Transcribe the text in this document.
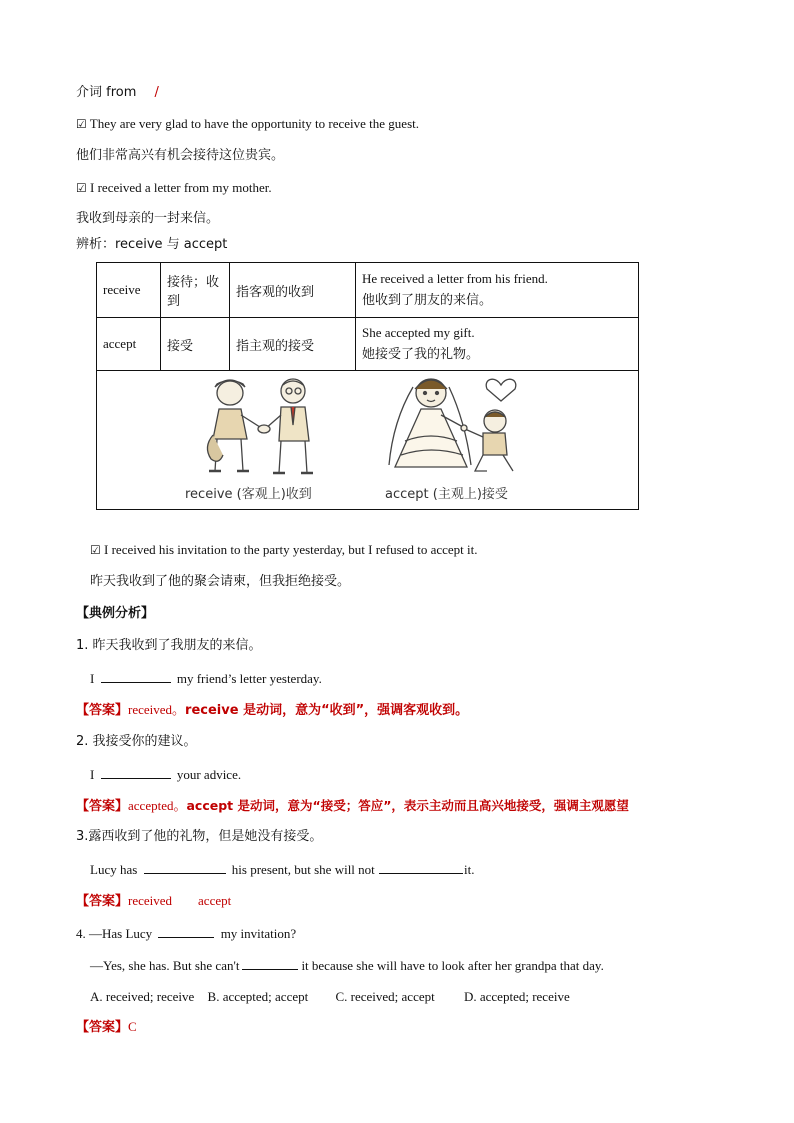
介词 from /
☑ They are very glad to have the opportunity to receive the guest.
他们非常高兴有机会接待这位贵宾。
☑ I received a letter from my mother.
我收到母亲的一封来信。
辨析：receive 与 accept
receive	接待；收到	指客观的收到	He received a letter from his friend.
他收到了朋友的来信。

accept	接受	指主观的接受	She accepted my gift.
她接受了我的礼物。

receive (客观上)收到 accept (主观上)接受			
☑ I received his invitation to the party yesterday, but I refused to accept it.
昨天我收到了他的聚会请柬，但我拒绝接受。
【典例分析】
1. 昨天我收到了我朋友的来信。
I	my friend’s letter yesterday.
【答案】received。receive 是动词，意为“收到”，强调客观收到。
2. 我接受你的建议。
I	your advice.
【答案】accepted。accept 是动词，意为“接受；答应”，表示主动而且高兴地接受，强调主观愿望
3.露西收到了他的礼物，但是她没有接受。
Lucy has	his present, but she will not	it.
【答案】received        accept
4. —Has Lucy	my invitation?
—Yes, she has. But she can't	it because she will have to look after her grandpa that day.
A. received; receive B. accepted; accept C. received; accept D. accepted; receive
【答案】C
